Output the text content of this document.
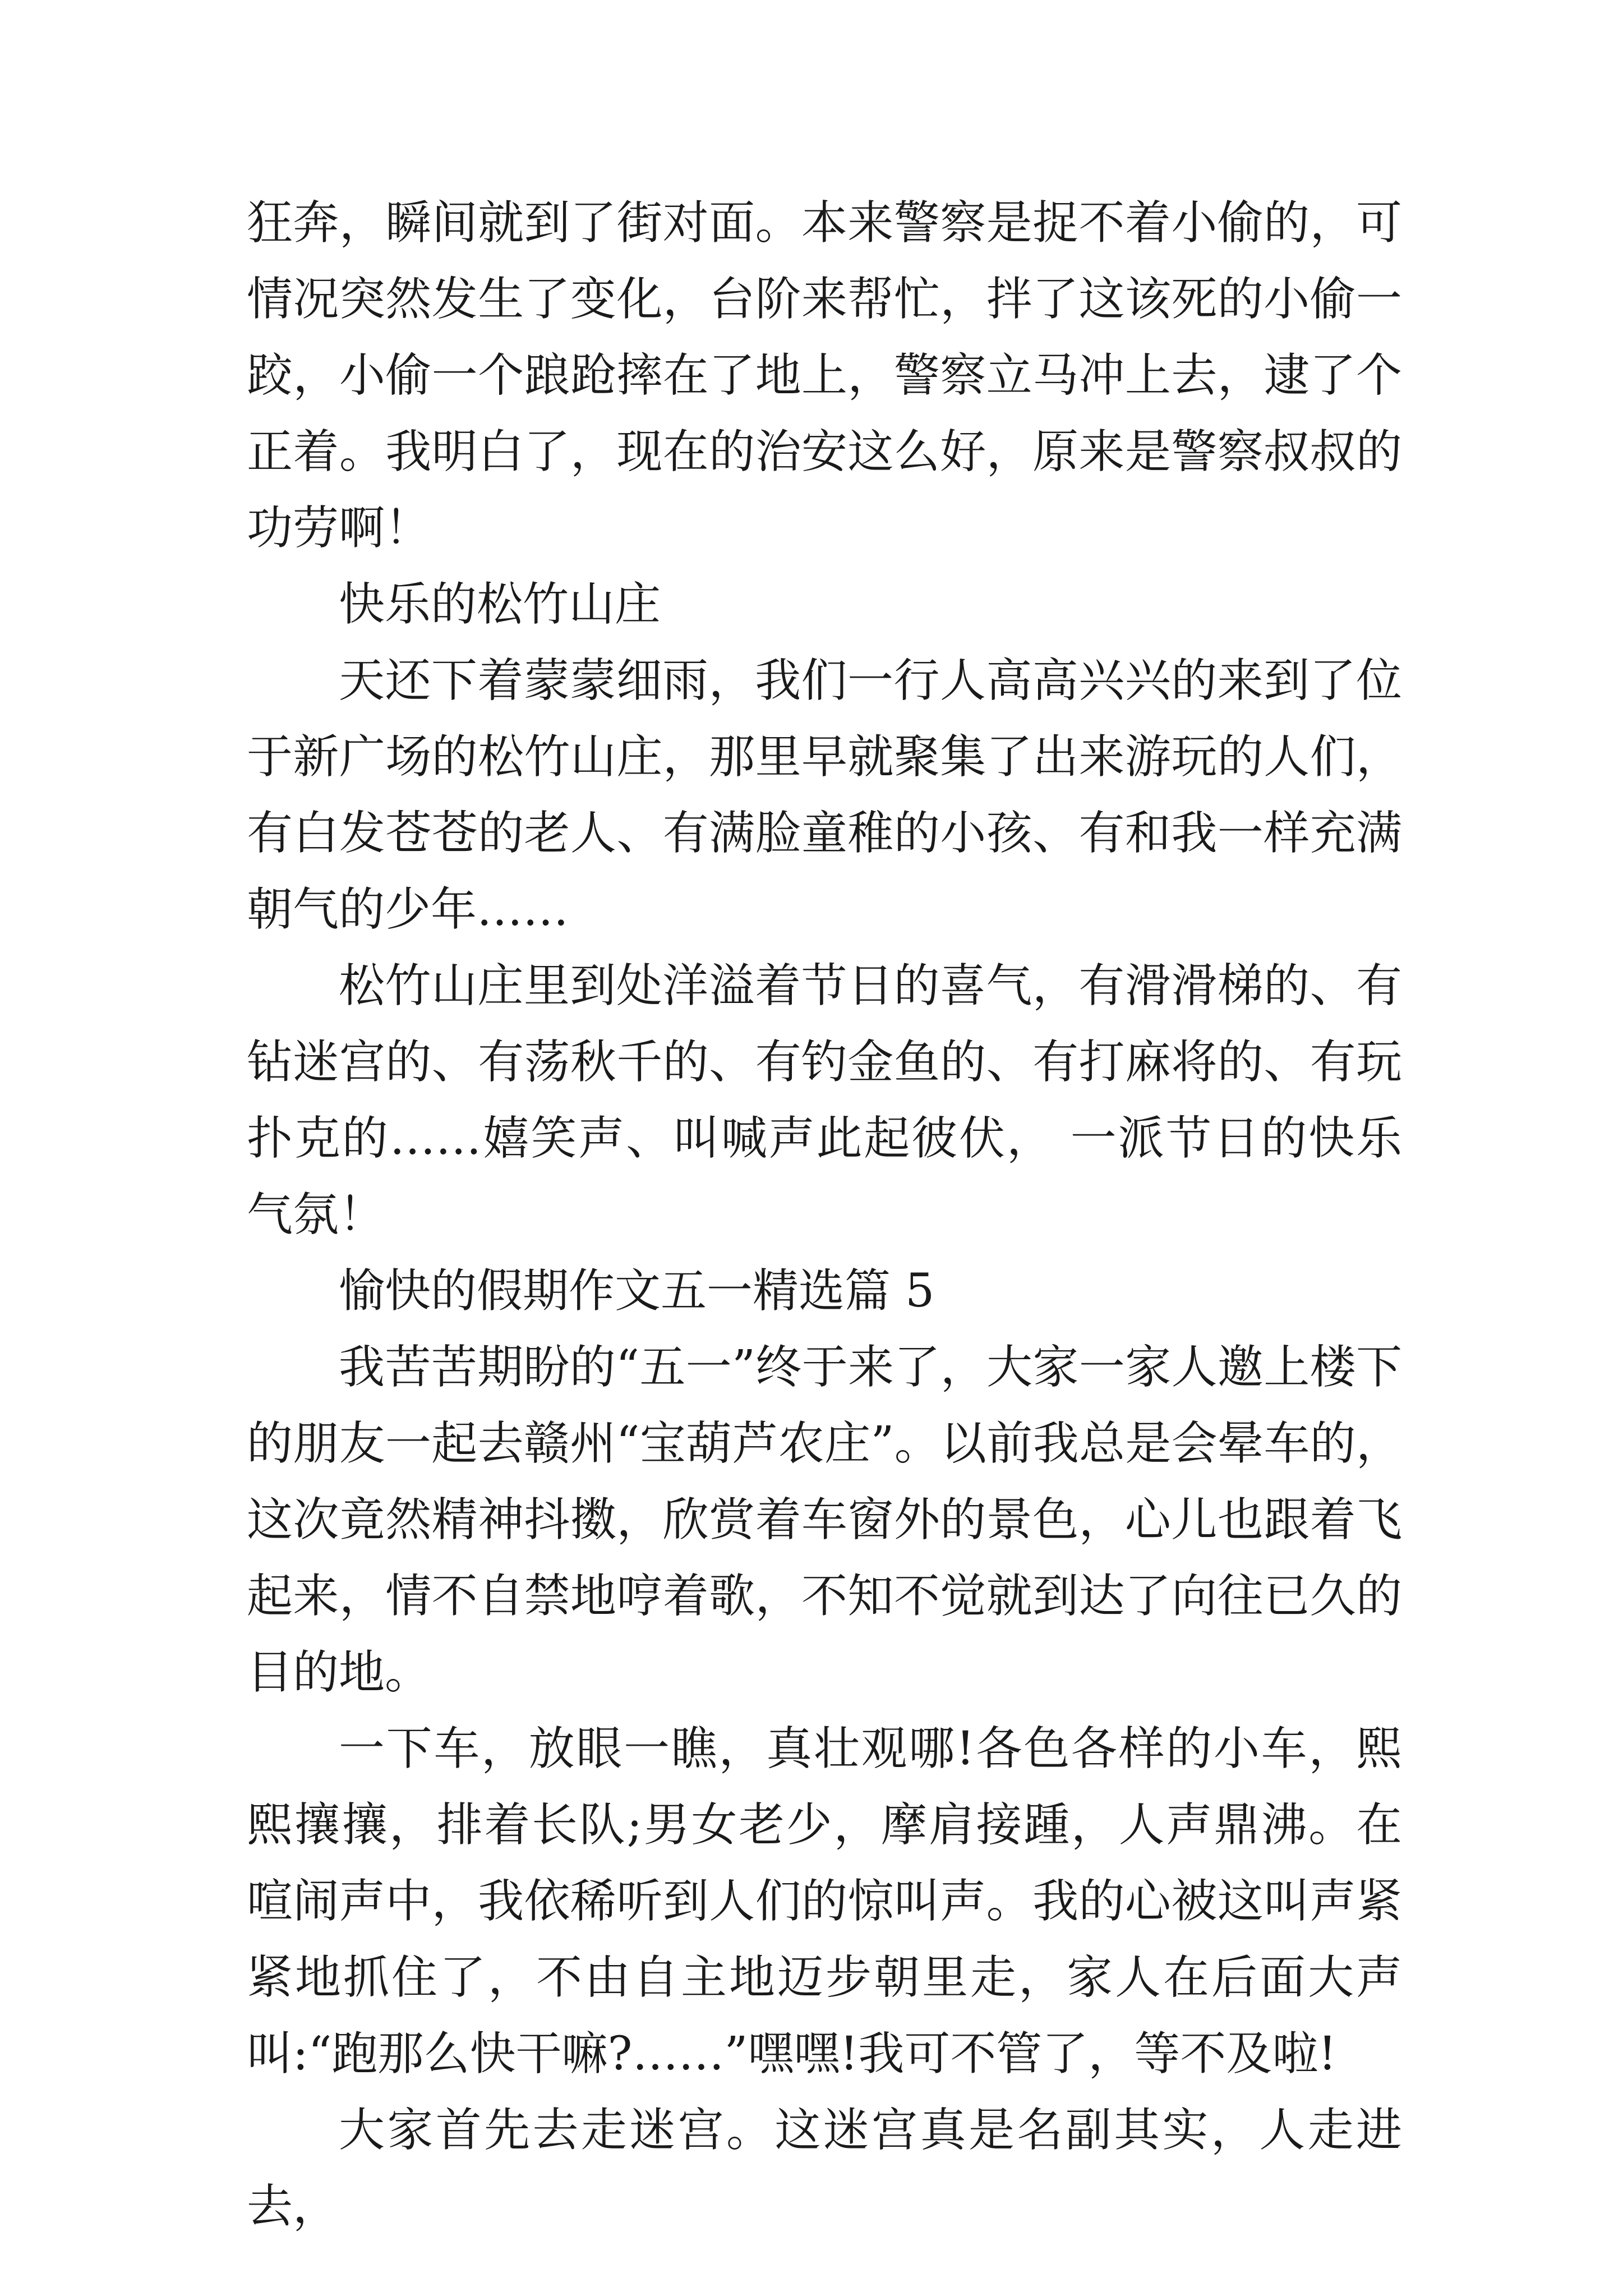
狂奔，瞬间就到了街对面。本来警察是捉不着小偷的，可情况突然发生了变化，台阶来帮忙，拌了这该死的小偷一跤，小偷一个踉跄摔在了地上，警察立马冲上去，逮了个正着。我明白了，现在的治安这么好，原来是警察叔叔的功劳啊！

快乐的松竹山庄

天还下着蒙蒙细雨，我们一行人高高兴兴的来到了位于新广场的松竹山庄，那里早就聚集了出来游玩的人们，有白发苍苍的老人、有满脸童稚的小孩、有和我一样充满朝气的少年……

松竹山庄里到处洋溢着节日的喜气，有滑滑梯的、有钻迷宫的、有荡秋千的、有钓金鱼的、有打麻将的、有玩扑克的……嬉笑声、叫喊声此起彼伏， 一派节日的快乐气氛！

愉快的假期作文五一精选篇 5

我苦苦期盼的“五一”终于来了，大家一家人邀上楼下的朋友一起去赣州“宝葫芦农庄”。以前我总是会晕车的，这次竟然精神抖擞，欣赏着车窗外的景色，心儿也跟着飞起来，情不自禁地哼着歌，不知不觉就到达了向往已久的目的地。

一下车，放眼一瞧，真壮观哪!各色各样的小车，熙熙攘攘，排着长队;男女老少，摩肩接踵，人声鼎沸。在喧闹声中，我依稀听到人们的惊叫声。我的心被这叫声紧紧地抓住了，不由自主地迈步朝里走，家人在后面大声叫:“跑那么快干嘛?……”嘿嘿!我可不管了，等不及啦!

大家首先去走迷宫。这迷宫真是名副其实，人走进去，
